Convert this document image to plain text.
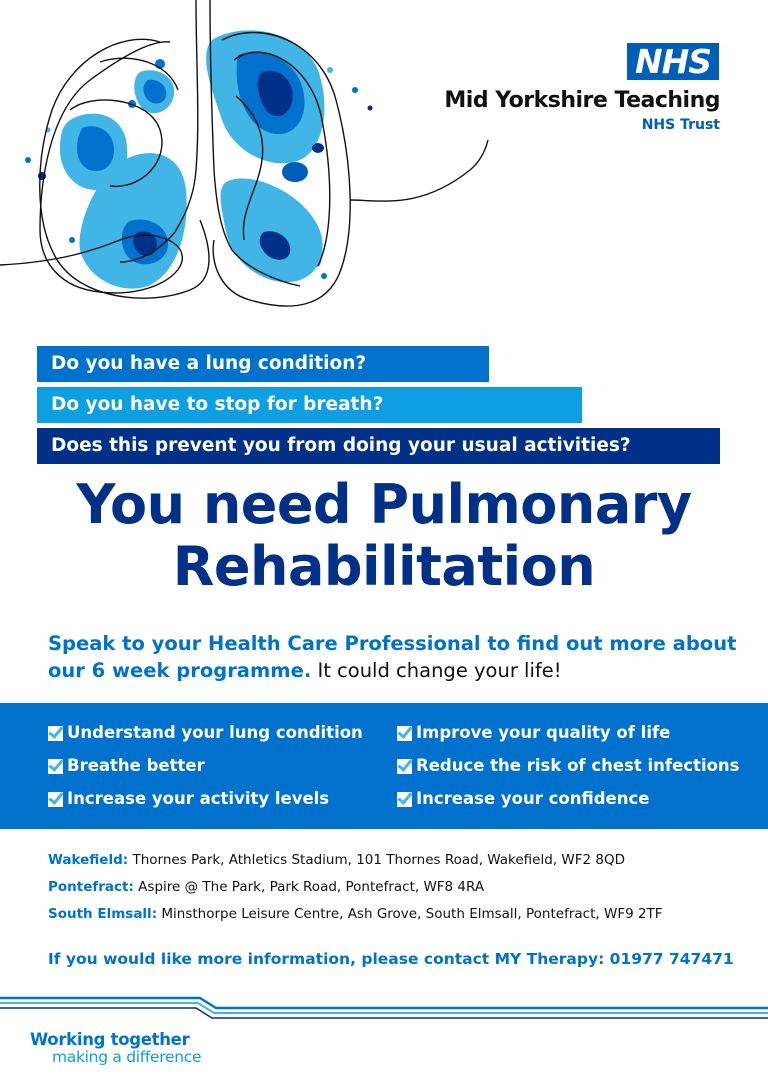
NHS
Mid Yorkshire Teaching
NHS Trust
Do you have a lung condition?
Do you have to stop for breath?
Does this prevent you from doing your usual activities?
You need Pulmonary
Rehabilitation
Speak to your Health Care Professional to find out more about our 6 week programme. It could change your life!
Understand your lung condition
Breathe better
Increase your activity levels
Improve your quality of life
Reduce the risk of chest infections
Increase your confidence
Wakefield: Thornes Park, Athletics Stadium, 101 Thornes Road, Wakefield, WF2 8QD
Pontefract: Aspire @ The Park, Park Road, Pontefract, WF8 4RA
South Elmsall: Minsthorpe Leisure Centre, Ash Grove, South Elmsall, Pontefract, WF9 2TF
If you would like more information, please contact MY Therapy: 01977 747471
Working together
making a difference
